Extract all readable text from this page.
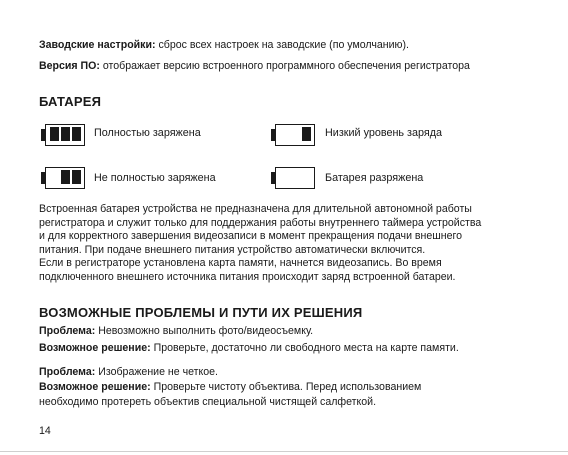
Заводские настройки: сброс всех настроек на заводские (по умолчанию).
Версия ПО: отображает версию встроенного программного обеспечения регистратора
БАТАРЕЯ
Полностью заряжена	Низкий уровень заряда
Не полностью заряжена	Батарея разряжена
Встроенная батарея устройства не предназначена для длительной автономной работы
регистратора и служит только для поддержания работы внутреннего таймера устройства
и для корректного завершения видеозаписи в момент прекращения подачи внешнего
питания. При подаче внешнего питания устройство автоматически включится.
Если в регистраторе установлена карта памяти, начнется видеозапись. Во время
подключенного внешнего источника питания происходит заряд встроенной батареи.
ВОЗМОЖНЫЕ ПРОБЛЕМЫ И ПУТИ ИХ РЕШЕНИЯ
Проблема: Невозможно выполнить фото/видеосъемку.
Возможное решение: Проверьте, достаточно ли свободного места на карте памяти.
Проблема: Изображение не четкое.
Возможное решение: Проверьте чистоту объектива. Перед использованием
необходимо протереть объектив специальной чистящей салфеткой.
14
